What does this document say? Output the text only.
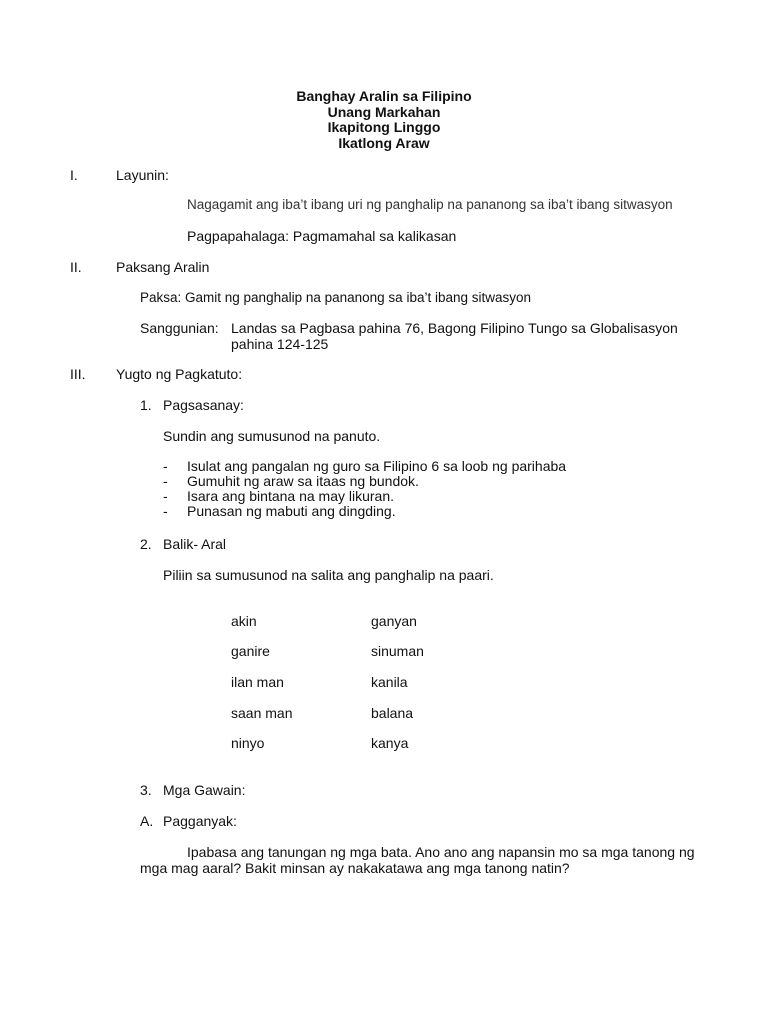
Banghay Aralin sa Filipino
Unang Markahan
Ikapitong Linggo
Ikatlong Araw
I.	Layunin:
Nagagamit ang iba’t ibang uri ng panghalip na pananong sa iba’t ibang sitwasyon
Pagpapahalaga: Pagmamahal sa kalikasan
II. Paksang Aralin
Paksa: Gamit ng panghalip na pananong sa iba’t ibang sitwasyon
Sanggunian: Landas sa Pagbasa pahina 76, Bagong Filipino Tungo sa Globalisasyon
pahina 124-125
III. Yugto ng Pagkatuto:
1. Pagsasanay:
Sundin ang sumusunod na panuto.
- Isulat ang pangalan ng guro sa Filipino 6 sa loob ng parihaba
- Gumuhit ng araw sa itaas ng bundok.
- Isara ang bintana na may likuran.
- Punasan ng mabuti ang dingding.
2. Balik- Aral
Piliin sa sumusunod na salita ang panghalip na paari.
akin	ganyan
ganire	sinuman
ilan man	kanila
saan man	balana
ninyo	kanya
3. Mga Gawain:
A. Pagganyak:
Ipabasa ang tanungan ng mga bata. Ano ano ang napansin mo sa mga tanong ng
mga mag aaral? Bakit minsan ay nakakatawa ang mga tanong natin?
